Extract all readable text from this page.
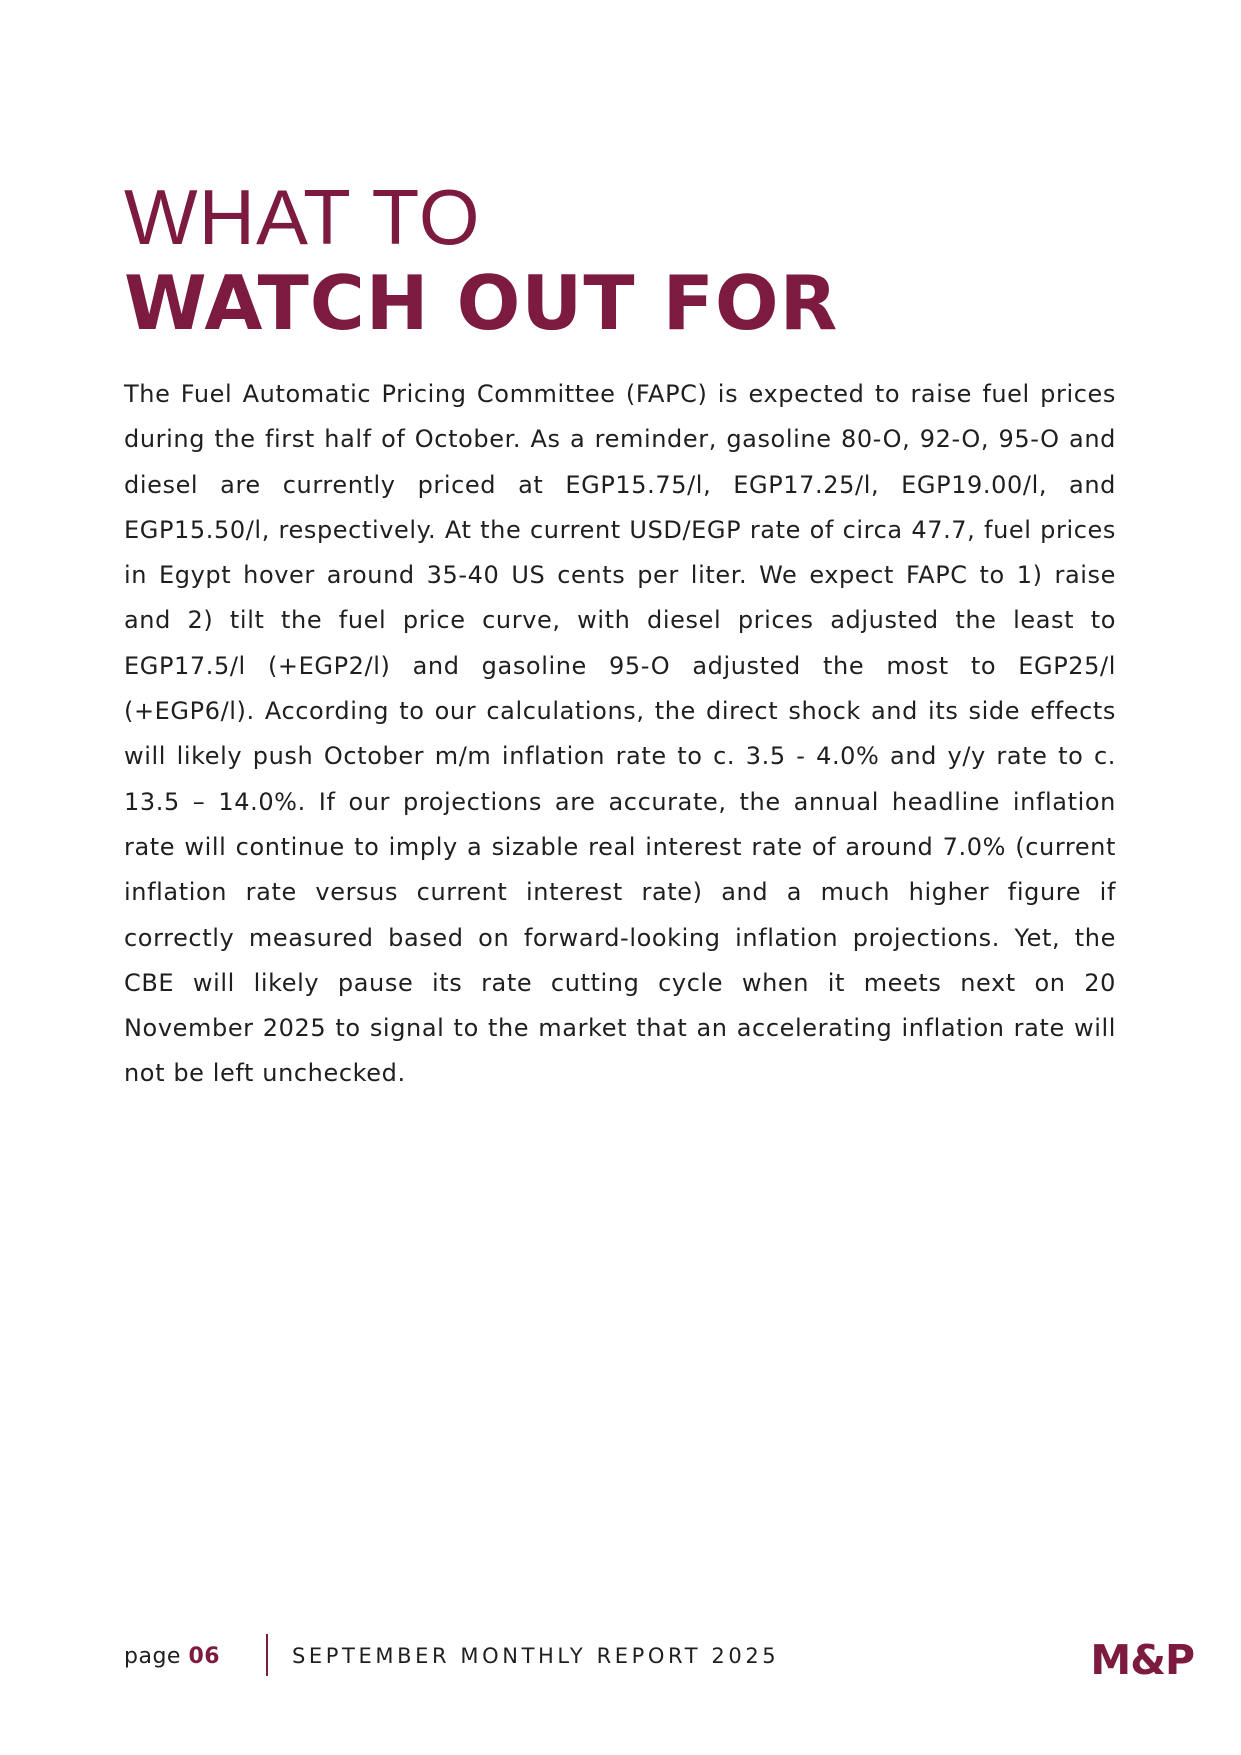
WHAT TO
WATCH OUT FOR

The Fuel Automatic Pricing Committee (FAPC) is expected to raise fuel prices during the first half of October. As a reminder, gasoline 80-O, 92-O, 95-O and diesel are currently priced at EGP15.75/l, EGP17.25/l, EGP19.00/l, and EGP15.50/l, respectively. At the current USD/EGP rate of circa 47.7, fuel prices in Egypt hover around 35-40 US cents per liter. We expect FAPC to 1) raise and 2) tilt the fuel price curve, with diesel prices adjusted the least to EGP17.5/l (+EGP2/l) and gasoline 95-O adjusted the most to EGP25/l (+EGP6/l). According to our calculations, the direct shock and its side effects will likely push October m/m inflation rate to c. 3.5 - 4.0% and y/y rate to c. 13.5 – 14.0%. If our projections are accurate, the annual headline inflation rate will continue to imply a sizable real interest rate of around 7.0% (current inflation rate versus current interest rate) and a much higher figure if correctly measured based on forward-looking inflation projections. Yet, the CBE will likely pause its rate cutting cycle when it meets next on 20 November 2025 to signal to the market that an accelerating inflation rate will not be left unchecked.

page 06	SEPTEMBER MONTHLY REPORT 2025	M&P
